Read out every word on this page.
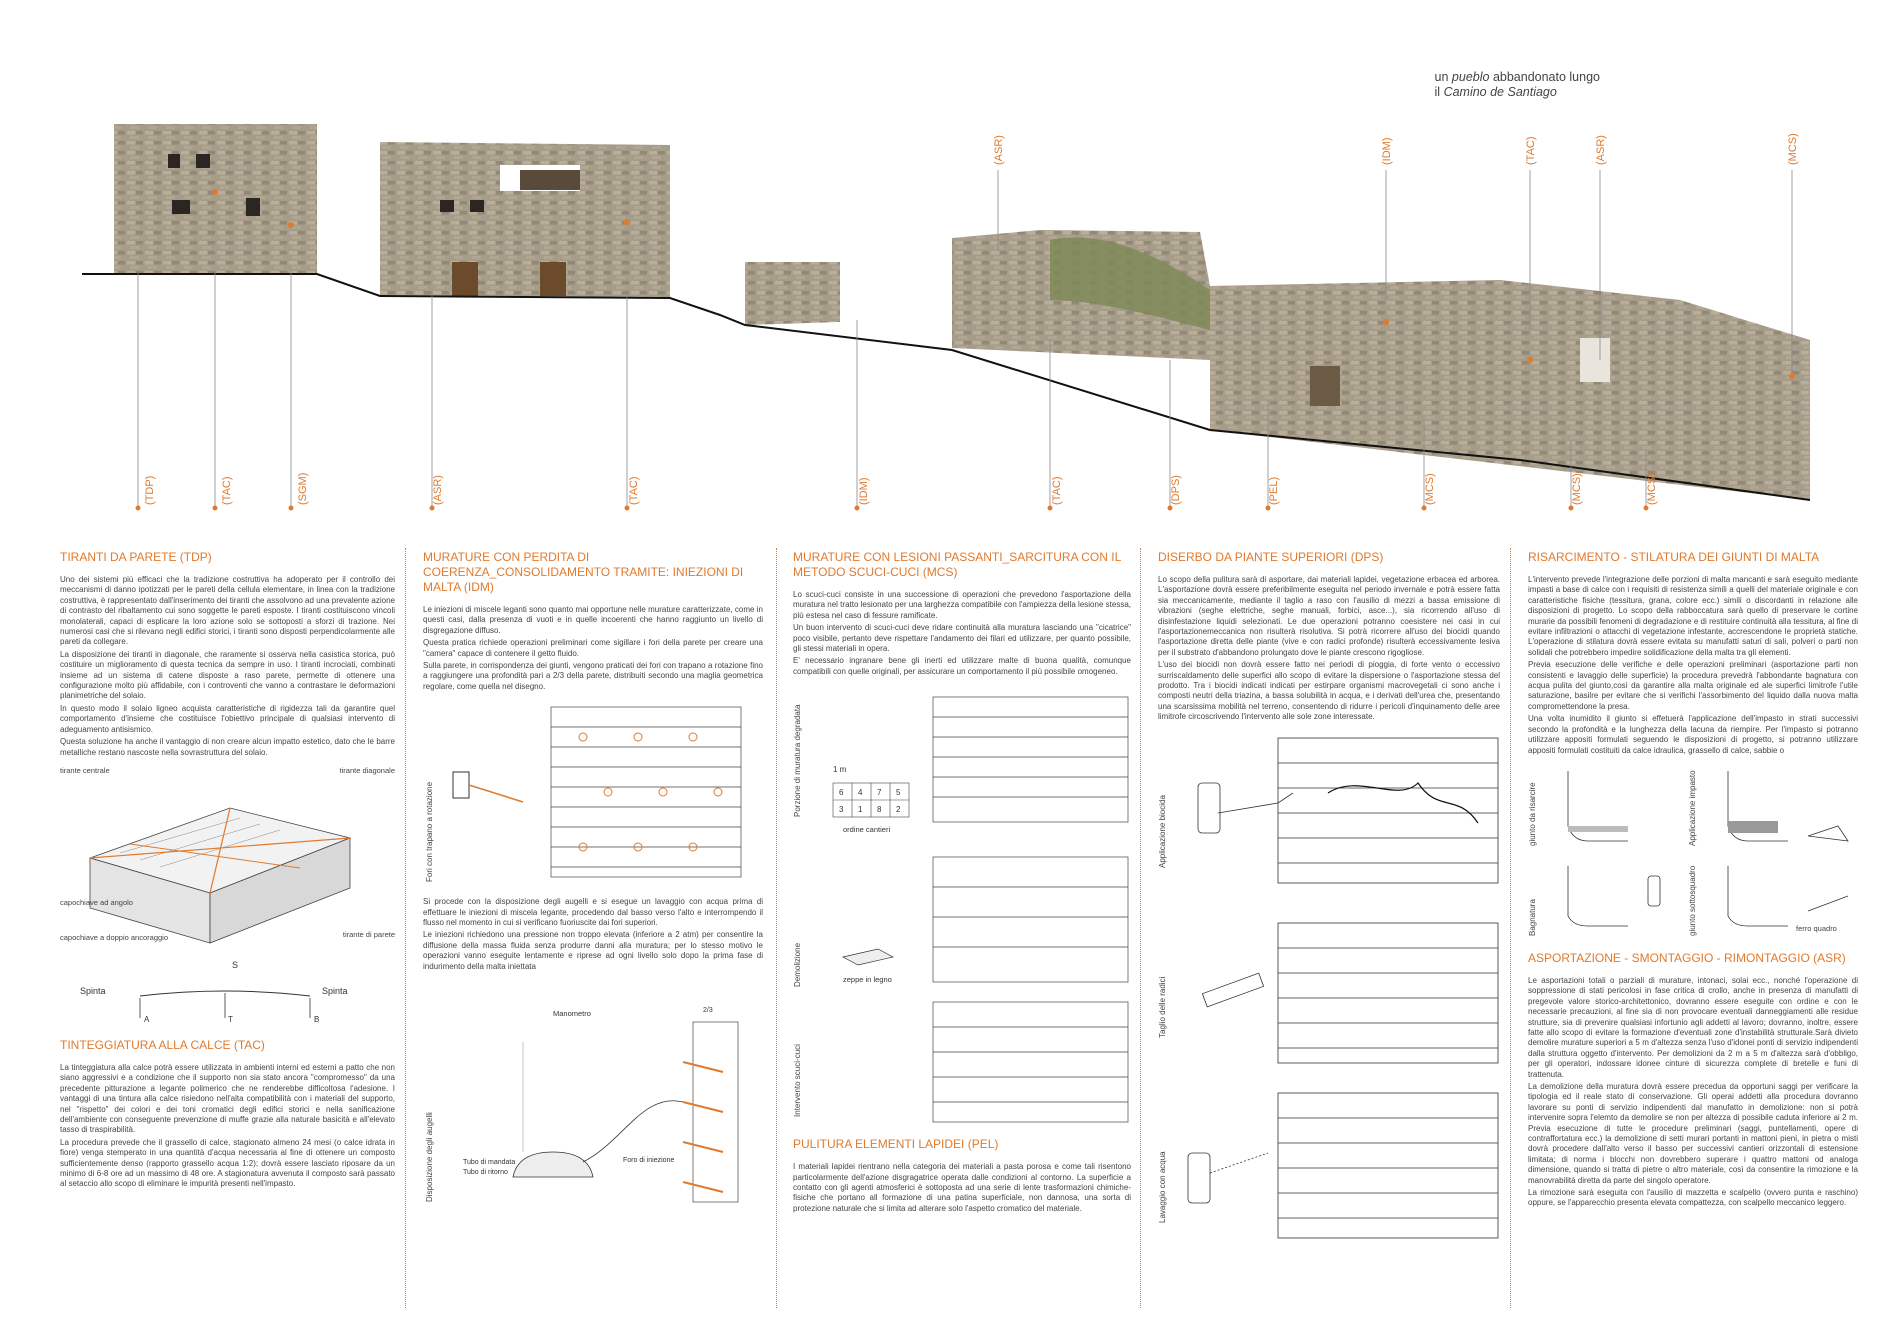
un pueblo abbandonato lungo
il Camino de Santiago
(TDP)	(TAC)	(SGM)	(ASR)	(TAC)	(IDM)	(TAC)	(DPS)	(PEL)	(MCS)	(MCS)	(MCS)
(ASR)	(IDM)	(TAC)	(ASR)	(MCS)
TIRANTI DA PARETE (TDP)

Uno dei sistemi più efficaci che la tradizione costruttiva ha adoperato per il controllo dei meccanismi di danno ipotizzati per le pareti della cellula elementare, in linea con la tradizione costruttiva, è rappresentato dall'inserimento dei tiranti che assolvono ad una prevalente azione di contrasto del ribaltamento cui sono soggette le pareti esposte. I tiranti costituiscono vincoli monolaterali, capaci di esplicare la loro azione solo se sottoposti a sforzi di trazione. Nei numerosi casi che si rilevano negli edifici storici, i tiranti sono disposti perpendicolarmente alle pareti da collegare.

La disposizione dei tiranti in diagonale, che raramente si osserva nella casistica storica, può costituire un miglioramento di questa tecnica da sempre in uso. I tiranti incrociati, combinati insieme ad un sistema di catene disposte a raso parete, permette di ottenere una configurazione molto più affidabile, con i controventi che vanno a contrastare le deformazioni planimetriche del solaio.

In questo modo il solaio ligneo acquista caratteristiche di rigidezza tali da garantire quel comportamento d'insieme che costituisce l'obiettivo principale di qualsiasi intervento di adeguamento antisismico.

Questa soluzione ha anche il vantaggio di non creare alcun impatto estetico, dato che le barre metalliche restano nascoste nella sovrastruttura del solaio.

tirante centrale	tirante diagonale
capochiave ad angolo
capochiave a doppio ancoraggio	tirante di parete
S
Spinta	Spinta
A	T	B
TINTEGGIATURA ALLA CALCE (TAC)

La tinteggiatura alla calce potrà essere utilizzata in ambienti interni ed esterni a patto che non siano aggressivi e a condizione che il supporto non sia stato ancora "compromesso" da una precedente pitturazione a legante polimerico che ne renderebbe difficoltosa l'adesione. I vantaggi di una tintura alla calce risiedono nell'alta compatibilità con i materiali del supporto, nel "rispetto" dei colori e dei toni cromatici degli edifici storici e nella sanificazione dell'ambiente con conseguente prevenzione di muffe grazie alla naturale basicità e all'elevato tasso di traspirabilità.

La procedura prevede che il grassello di calce, stagionato almeno 24 mesi (o calce idrata in fiore) venga stemperato in una quantità d'acqua necessaria al fine di ottenere un composto sufficientemente denso (rapporto grassello acqua 1:2); dovrà essere lasciato riposare da un minimo di 6-8 ore ad un massimo di 48 ore. A stagionatura avvenuta il composto sarà passato al setaccio allo scopo di eliminare le impurità presenti nell'impasto.

MURATURE CON PERDITA DI COERENZA_CONSOLIDAMENTO TRAMITE: INIEZIONI DI MALTA (IDM)

Le iniezioni di miscele leganti sono quanto mai opportune nelle murature caratterizzate, come in questi casi, dalla presenza di vuoti e in quelle incoerenti che hanno raggiunto un livello di disgregazione diffuso.

Questa pratica richiede operazioni preliminari come sigillare i fori della parete per creare una "camera" capace di contenere il getto fluido.

Sulla parete, in corrispondenza dei giunti, vengono praticati dei fori con trapano a rotazione fino a raggiungere una profondità pari a 2/3 della parete, distribuiti secondo una maglia geometrica regolare, come quella nel disegno.

Fori con trapano a rotazione

Si procede con la disposizione degli augelli e si esegue un lavaggio con acqua prima di effettuare le iniezioni di miscela legante, procedendo dal basso verso l'alto e interrompendo il flusso nel momento in cui si verificano fuoriuscite dai fori superiori.

Le iniezioni richiedono una pressione non troppo elevata (inferiore a 2 atm) per consentire la diffusione della massa fluida senza produrre danni alla muratura; per lo stesso motivo le operazioni vanno eseguite lentamente e riprese ad ogni livello solo dopo la prima fase di indurimento della malta iniettata

Disposizione degli augelli
Manometro	2/3
Tubo di mandata
Tubo di ritorno
Foro di iniezione
MURATURE CON LESIONI PASSANTI_SARCITURA CON IL METODO SCUCI-CUCI (MCS)

Lo scuci-cuci consiste in una successione di operazioni che prevedono l'asportazione della muratura nel tratto lesionato per una larghezza compatibile con l'ampiezza della lesione stessa, più estesa nel caso di fessure ramificate.

Un buon intervento di scuci-cuci deve ridare continuità alla muratura lasciando una "cicatrice" poco visibile, pertanto deve rispettare l'andamento dei filari ed utilizzare, per quanto possibile, gli stessi materiali in opera.

E' necessario ingranare bene gli inerti ed utilizzare malte di buona qualità, comunque compatibili con quelle originali, per assicurare un comportamento il più possibile omogeneo.

Porzione di muratura degradata
Demolizione
Intervento scuci-cuci
1 m
6 4 7 5
3 1 8 2
ordine cantieri
zeppe in legno
PULITURA ELEMENTI LAPIDEI (PEL)

I materiali lapidei rientrano nella categoria dei materiali a pasta porosa e come tali risentono particolarmente dell'azione disgragatrice operata dalle condizioni al contorno. La superficie a contatto con gli agenti atmosferici è sottoposta ad una serie di lente trasformazioni chimiche-fisiche che portano all formazione di una patina superficiale, non dannosa, una sorta di protezione naturale che si limita ad alterare solo l'aspetto cromatico del materiale.

DISERBO DA PIANTE SUPERIORI (DPS)

Lo scopo della pulitura sarà di asportare, dai materiali lapidei, vegetazione erbacea ed arborea. L'asportazione dovrà essere preferibilmente eseguita nel periodo invernale e potrà essere fatta sia meccanicamente, mediante il taglio a raso con l'ausilio di mezzi a bassa emissione di vibrazioni (seghe elettriche, seghe manuali, forbici, asce...), sia ricorrendo all'uso di disinfestazione liquidi selezionati. Le due operazioni potranno coesistere nei casi in cui l'asportazionemeccanica non risulterà risolutiva. Si potrà ricorrere all'uso dei biocidi quando l'asportazione diretta delle piante (vive e con radici profonde) risulterà eccessivamente lesiva per il substrato d'abbandono prolungato dove le piante crescono rigogliose.

L'uso dei biocidi non dovrà essere fatto nei periodi di pioggia, di forte vento o eccessivo surriscaldamento delle superfici allo scopo di evitare la dispersione o l'asportazione stessa del prodotto. Tra i biocidi indicati indicati per estirpare organismi macrovegetali ci sono anche i composti neutri della triazina, a bassa solubilità in acqua, e i derivati dell'urea che, presentando una scarsissima mobilità nel terreno, consentendo di ridurre i pericoli d'inquinamento delle aree limitrofe circoscrivendo l'intervento alle sole zone interessate.

Applicazione biocida
Taglio delle radici
Lavaggio con acqua
RISARCIMENTO - STILATURA DEI GIUNTI DI MALTA

L'intervento prevede l'integrazione delle porzioni di malta mancanti e sarà eseguito mediante impasti a base di calce con i requisiti di resistenza simili a quelli del materiale originale e con caratteristiche fisiche (tessitura, grana, colore ecc.) simili o discordanti in relazione alle disposizioni di progetto. Lo scopo della rabboccatura sarà quello di preservare le cortine murarie da possibili fenomeni di degradazione e di restituire continuità alla tessitura, al fine di evitare infiltrazioni o attacchi di vegetazione infestante, accrescendone le proprietà statiche. L'operazione di stilatura dovrà essere evitata su manufatti saturi di sali, polveri o parti non solidali che potrebbero impedire solidificazione della malta tra gli elementi.

Previa esecuzione delle verifiche e delle operazioni preliminari (asportazione parti non consistenti e lavaggio delle superficie) la procedura prevedrà l'abbondante bagnatura con acqua pulita del giunto,così da garantire alla malta originale ed ale superfici limitrofe l'utile saturazione, basilre per evitare che si verifichi l'assorbimento del liquido dalla nuova malta compromettendone la presa.

Una volta inumidito il giunto si effetuerà l'applicazione dell'impasto in strati successivi secondo la profondità e la lunghezza della lacuna da riempire. Per l'impasto si potranno utilizzare appositi formulati seguendo le disposizioni di progetto, si potranno utilizzare appositi formulati costituiti da calce idraulica, grassello di calce, sabbie o

giunto da risarcire	Applicazione impasto
Bagnatura	giunto sottosquadro	ferro quadro
ASPORTAZIONE - SMONTAGGIO - RIMONTAGGIO (ASR)

Le asportazioni totali o parziali di murature, intonaci, solai ecc., nonché l'operazione di soppressione di stati pericolosi in fase critica di crollo, anche in presenza di manufatti di pregevole valore storico-architettonico, dovranno essere eseguite con ordine e con le necessarie precauzioni, al fine sia di non provocare eventuali danneggiamenti alle residue strutture, sia di prevenire qualsiasi infortunio agli addetti al lavoro; dovranno, inoltre, essere fatte allo scopo di evitare la formazione d'eventuali zone d'instabilità strutturale.Sarà diviеto demolire murature superiori a 5 m d'altezza senza l'uso d'idonei ponti di servizio indipendenti dalla struttura oggetto d'intervento. Per demolizioni da 2 m a 5 m d'altezza sarà d'obbligo, per gli operatori, indossare idonee cinture di sicurezza complete di bretelle e funi di trattenuta.

La demolizione della muratura dovrà essere precedua da opportuni saggi per verificare la tipologia ed il reale stato di conservazione. Gli operai addetti alla procedura dovranno lavorare su ponti di servizio indipendenti dal manufatto in demolizione: non si potrà intervenire sopra l'elemto da demolire se non per altezza di possibile caduta inferiore ai 2 m. Previa esecuzione di tutte le procedure preliminari (saggi, puntellamenti, opere di contraffortatura ecc.) la demolizione di setti murari portanti in mattoni pieni, in pietra o misti dovrà procedere dall'alto verso il basso per successivi cantieri orizzontali di estensione limitata; di norma i blocchi non dovrebbero superare i quattro mattoni od analoga dimensione, quando si tratta di pietre o altro materiale, così da consentire la rimozione e la manovrabilità diretta da parte del singolo operatore.

La rimozione sarà eseguita con l'ausilio di mazzetta e scalpello (ovvero punta e raschino) oppure, se l'apparecchio presenta elevata compattezza, con scalpello meccanico leggero.
